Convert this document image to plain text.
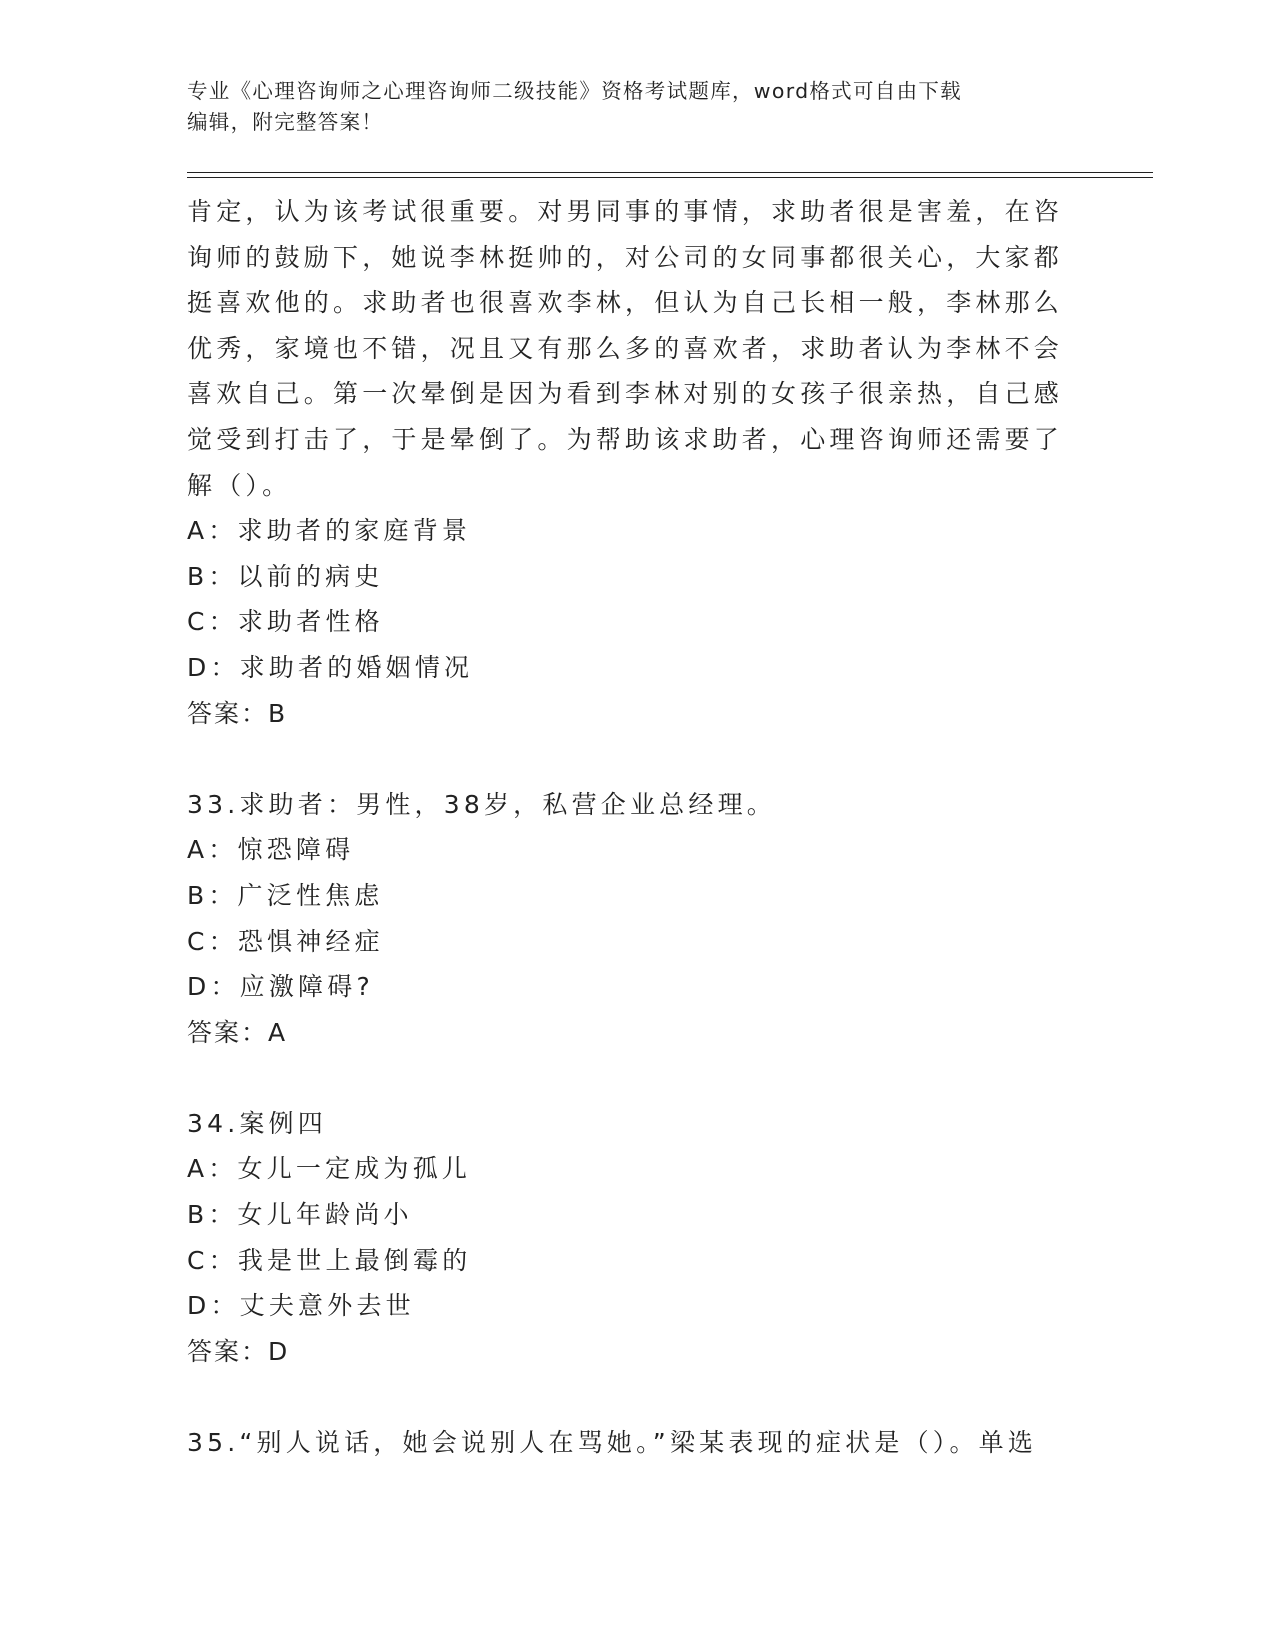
专业《心理咨询师之心理咨询师二级技能》资格考试题库，word格式可自由下载
编辑，附完整答案！
肯定，认为该考试很重要。对男同事的事情，求助者很是害羞，在咨
询师的鼓励下，她说李林挺帅的，对公司的女同事都很关心，大家都
挺喜欢他的。求助者也很喜欢李林，但认为自己长相一般，李林那么
优秀，家境也不错，况且又有那么多的喜欢者，求助者认为李林不会
喜欢自己。第一次晕倒是因为看到李林对别的女孩子很亲热，自己感
觉受到打击了，于是晕倒了。为帮助该求助者，心理咨询师还需要了
解（）。
A：求助者的家庭背景
B：以前的病史
C：求助者性格
D：求助者的婚姻情况
答案：B
33.求助者：男性，38岁，私营企业总经理。
A：惊恐障碍
B：广泛性焦虑
C：恐惧神经症
D：应激障碍?
答案：A
34.案例四
A：女儿一定成为孤儿
B：女儿年龄尚小
C：我是世上最倒霉的
D：丈夫意外去世
答案：D
35.“别人说话，她会说别人在骂她。”梁某表现的症状是（）。单选
